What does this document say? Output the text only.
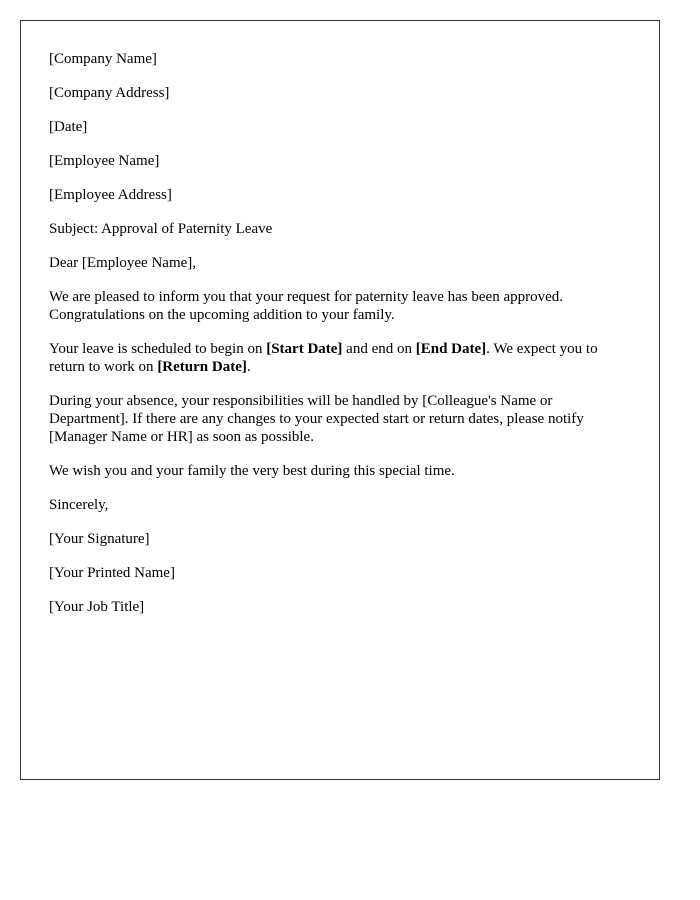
[Company Name]

[Company Address]

[Date]

[Employee Name]

[Employee Address]

Subject: Approval of Paternity Leave

Dear [Employee Name],

We are pleased to inform you that your request for paternity leave has been approved. Congratulations on the upcoming addition to your family.

Your leave is scheduled to begin on [Start Date] and end on [End Date]. We expect you to return to work on [Return Date].

During your absence, your responsibilities will be handled by [Colleague's Name or Department]. If there are any changes to your expected start or return dates, please notify [Manager Name or HR] as soon as possible.

We wish you and your family the very best during this special time.

Sincerely,

[Your Signature]

[Your Printed Name]

[Your Job Title]
